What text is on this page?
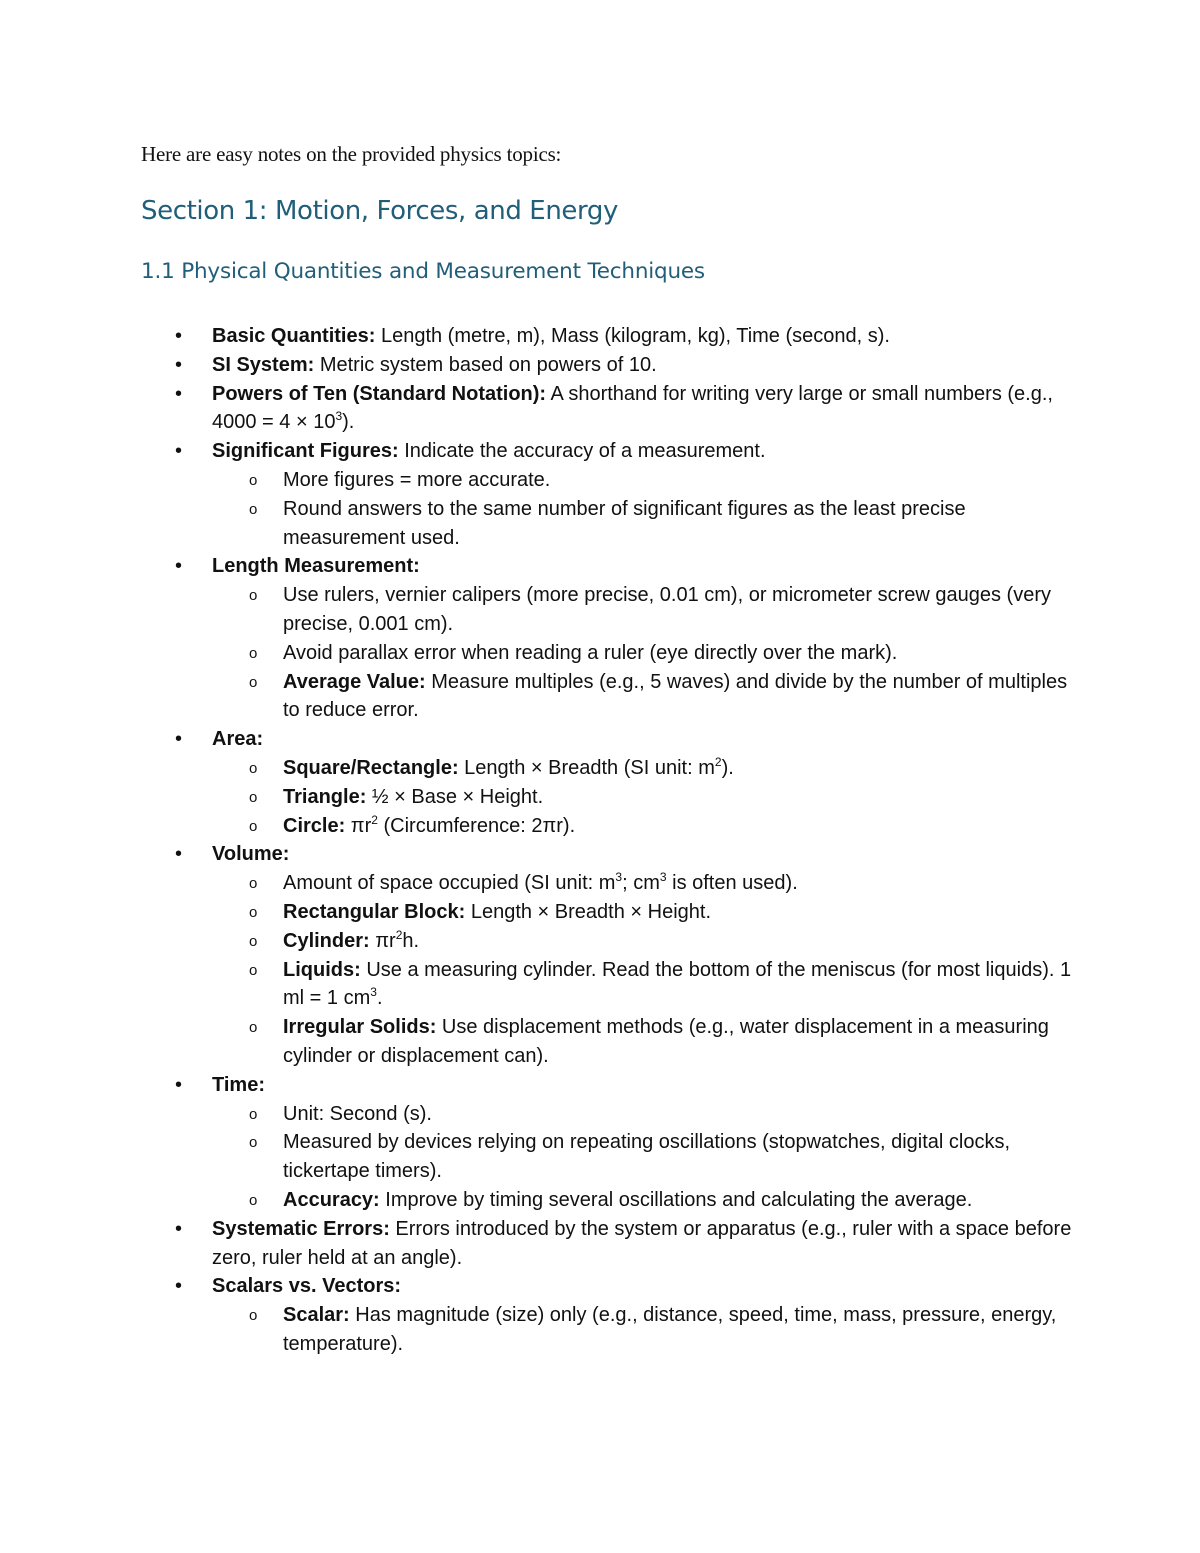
Here are easy notes on the provided physics topics:

Section 1: Motion, Forces, and Energy
1.1 Physical Quantities and Measurement Techniques
• Basic Quantities: Length (metre, m), Mass (kilogram, kg), Time (second, s).
• SI System: Metric system based on powers of 10.
• Powers of Ten (Standard Notation): A shorthand for writing very large or small numbers (e.g., $4000 = 4 \times 10^3$).
• Significant Figures: Indicate the accuracy of a measurement.
o More figures = more accurate.
o Round answers to the same number of significant figures as the least precise measurement used.
• Length Measurement:
o Use rulers, vernier calipers (more precise, 0.01 cm), or micrometer screw gauges (very precise, 0.001 cm).
o Avoid parallax error when reading a ruler (eye directly over the mark).
o Average Value: Measure multiples (e.g., 5 waves) and divide by the number of multiples to reduce error.
• Area:
o Square/Rectangle: Length × Breadth (SI unit: $m^2$).
o Triangle: ½ × Base × Height.
o Circle: $\pi r^2$ (Circumference: 2πr).
• Volume:
o Amount of space occupied (SI unit: $m^3$; $cm^3$ is often used).
o Rectangular Block: Length × Breadth × Height.
o Cylinder: $\pi r^2h$.
o Liquids: Use a measuring cylinder. Read the bottom of the meniscus (for most liquids). 1 ml = 1 $cm^3$.
o Irregular Solids: Use displacement methods (e.g., water displacement in a measuring cylinder or displacement can).
• Time:
o Unit: Second (s).
o Measured by devices relying on repeating oscillations (stopwatches, digital clocks, tickertape timers).
o Accuracy: Improve by timing several oscillations and calculating the average.
• Systematic Errors: Errors introduced by the system or apparatus (e.g., ruler with a space before zero, ruler held at an angle).
• Scalars vs. Vectors:
o Scalar: Has magnitude (size) only (e.g., distance, speed, time, mass, pressure, energy, temperature).
